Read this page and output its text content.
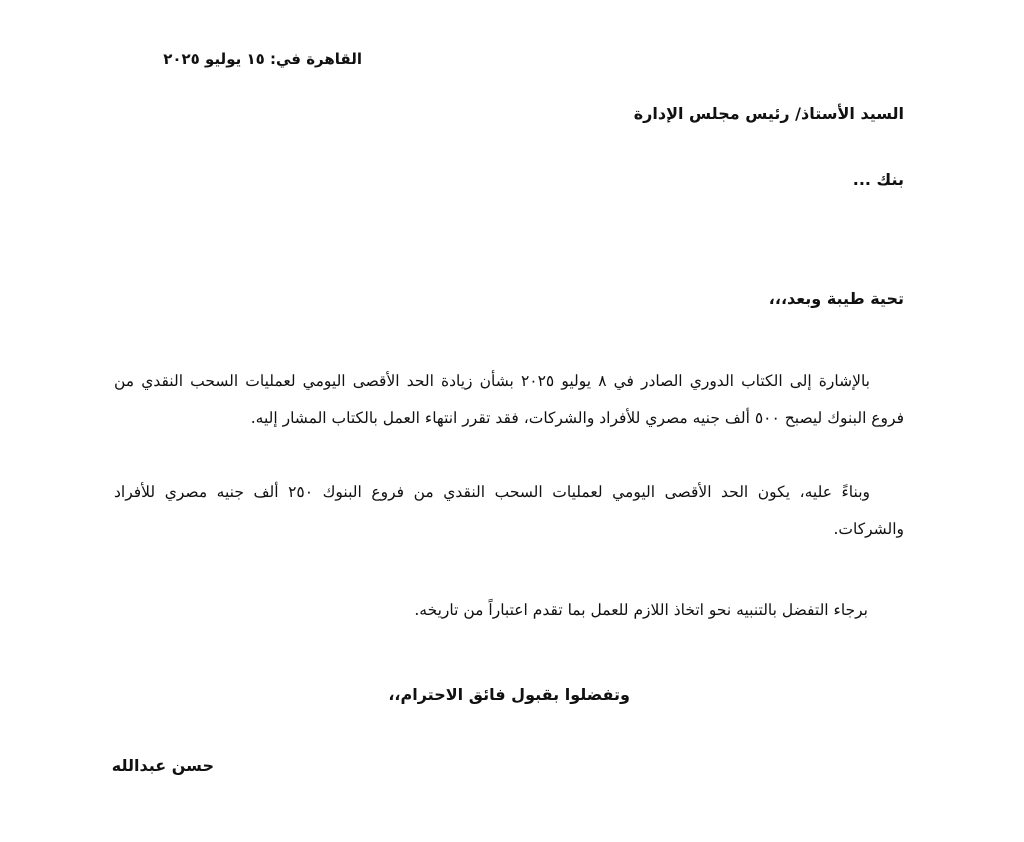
القاهرة في: ١٥ يوليو ٢٠٢٥

السيد الأستاذ/ رئيس مجلس الإدارة

بنك ...

تحية طيبة وبعد،،،

بالإشارة إلى الكتاب الدوري الصادر في ٨ يوليو ٢٠٢٥ بشأن زيادة الحد الأقصى اليومي لعمليات السحب النقدي من فروع البنوك ليصبح ٥٠٠ ألف جنيه مصري للأفراد والشركات، فقد تقرر انتهاء العمل بالكتاب المشار إليه.

وبناءً عليه، يكون الحد الأقصى اليومي لعمليات السحب النقدي من فروع البنوك ٢٥٠ ألف جنيه مصري للأفراد والشركات.

برجاء التفضل بالتنبيه نحو اتخاذ اللازم للعمل بما تقدم اعتباراً من تاريخه.

وتفضلوا بقبول فائق الاحترام،،

حسن عبدالله
